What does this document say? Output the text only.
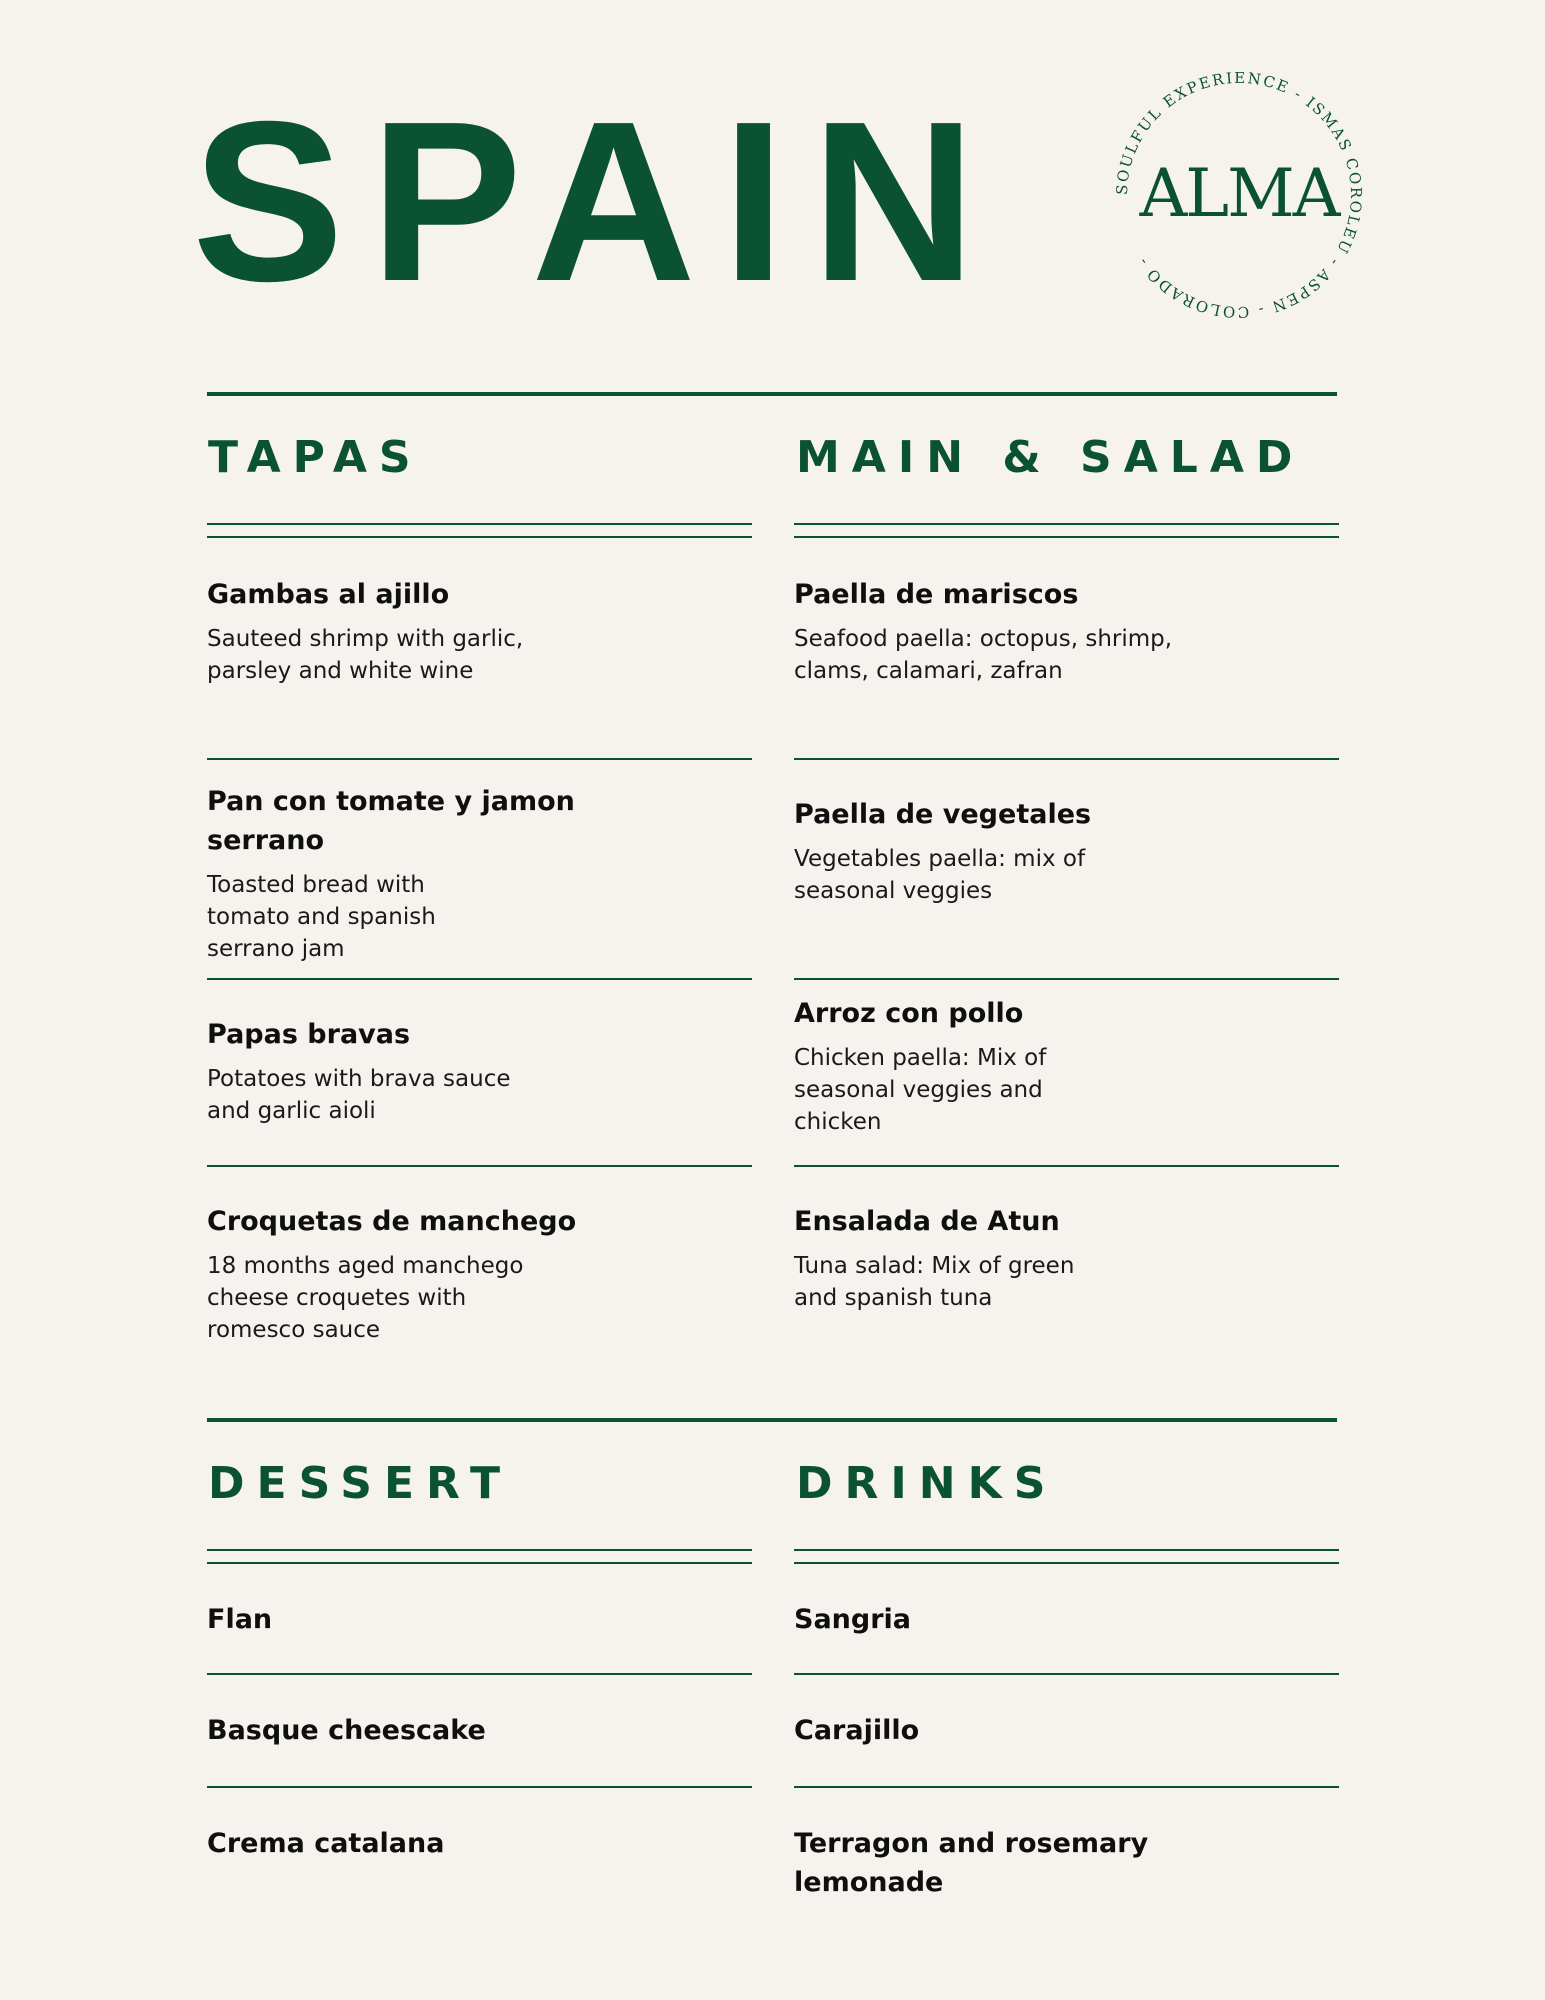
SPAIN	SOULFUL EXPERIENCE - ISMAS COROLEU - ASPEN - COLORADO -
ALMA
TAPAS

Gambas al ajillo

Sauteed shrimp with garlic, parsley and white wine

Pan con tomate y jamon serrano

Toasted bread with tomato and spanish serrano jam

Papas bravas

Potatoes with brava sauce and garlic aioli

Croquetas de manchego

18 months aged manchego cheese croquetes with romesco sauce

MAIN & SALAD

Paella de mariscos

Seafood paella: octopus, shrimp, clams, calamari, zafran

Paella de vegetales

Vegetables paella: mix of seasonal veggies

Arroz con pollo

Chicken paella: Mix of seasonal veggies and chicken

Ensalada de Atun

Tuna salad: Mix of green and spanish tuna

DESSERT

Flan

Basque cheescake

Crema catalana

DRINKS

Sangria

Carajillo

Terragon and rosemary lemonade
